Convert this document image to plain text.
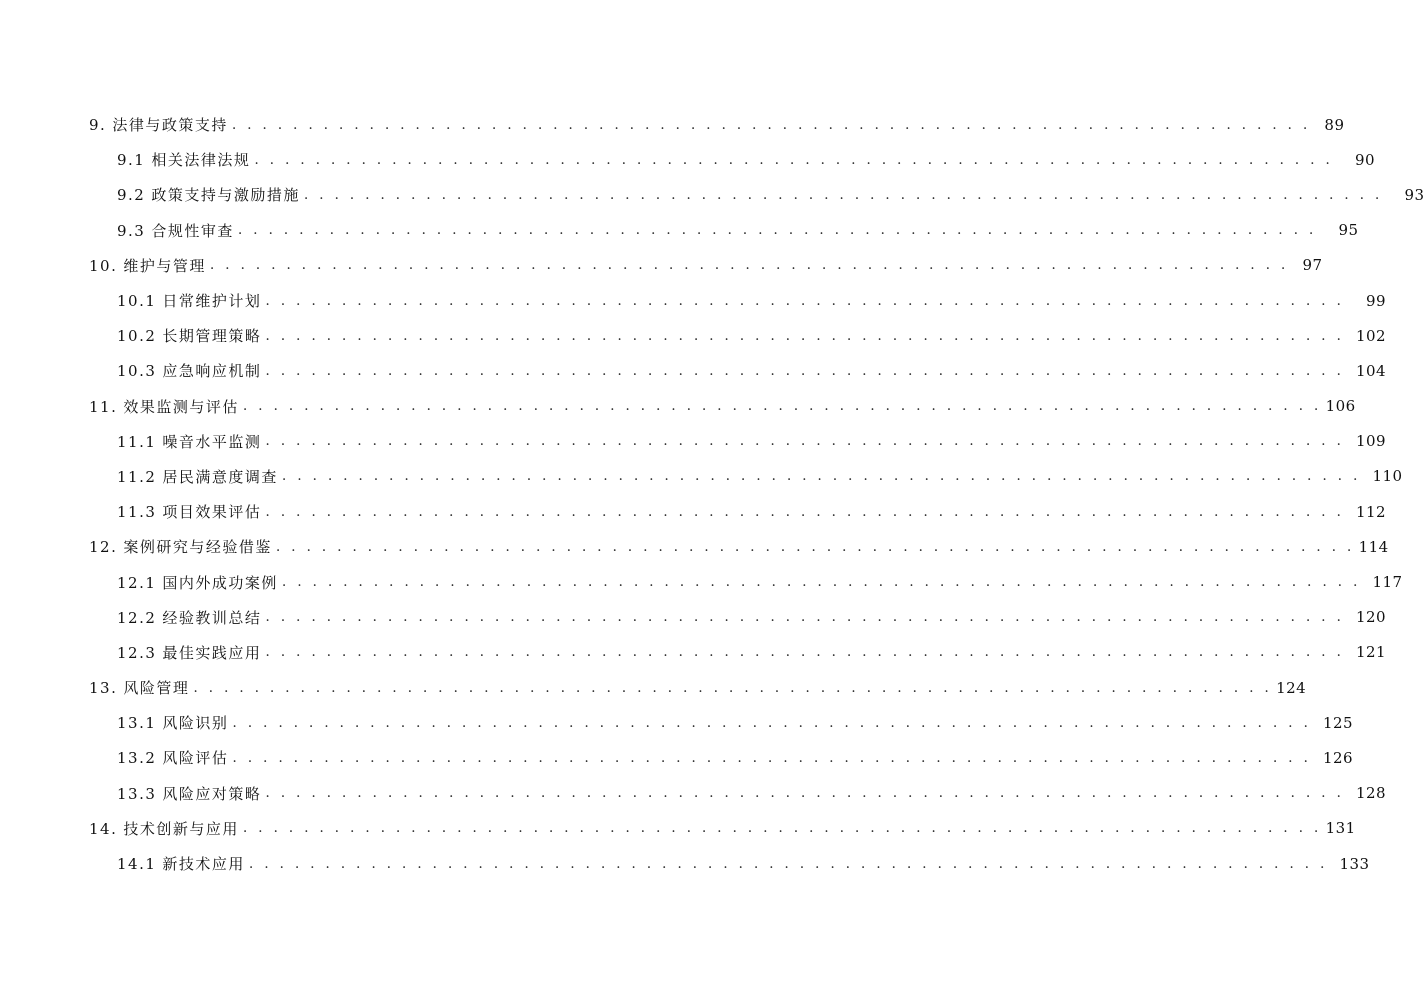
9. 法律与政策支持 . . . . . . . . . . . . . . . . . . . . . . . . . . . . . . . . . . . . . . . . . . . . . . . . . . . . . . . . . . . . . . . . . . . . . . . 89
9.1 相关法律法规 . . . . . . . . . . . . . . . . . . . . . . . . . . . . . . . . . . . . . . . . . . . . . . . . . . . . . . . . . . . . . . . . . . . . . . .	90
9.2 政策支持与激励措施 . . . . . . . . . . . . . . . . . . . . . . . . . . . . . . . . . . . . . . . . . . . . . . . . . . . . . . . . . . . . . . . . . . . . . . .	93
9.3 合规性审查 . . . . . . . . . . . . . . . . . . . . . . . . . . . . . . . . . . . . . . . . . . . . . . . . . . . . . . . . . . . . . . . . . . . . . . .	95
10. 维护与管理 . . . . . . . . . . . . . . . . . . . . . . . . . . . . . . . . . . . . . . . . . . . . . . . . . . . . . . . . . . . . . . . . . . . . . . . 97
10.1 日常维护计划 . . . . . . . . . . . . . . . . . . . . . . . . . . . . . . . . . . . . . . . . . . . . . . . . . . . . . . . . . . . . . . . . . . . . . . .	99
10.2 长期管理策略 . . . . . . . . . . . . . . . . . . . . . . . . . . . . . . . . . . . . . . . . . . . . . . . . . . . . . . . . . . . . . . . . . . . . . . . 102
10.3 应急响应机制 . . . . . . . . . . . . . . . . . . . . . . . . . . . . . . . . . . . . . . . . . . . . . . . . . . . . . . . . . . . . . . . . . . . . . . . 104
11. 效果监测与评估 . . . . . . . . . . . . . . . . . . . . . . . . . . . . . . . . . . . . . . . . . . . . . . . . . . . . . . . . . . . . . . . . . . . . . . . 106
11.1 噪音水平监测 . . . . . . . . . . . . . . . . . . . . . . . . . . . . . . . . . . . . . . . . . . . . . . . . . . . . . . . . . . . . . . . . . . . . . . . 109
11.2 居民满意度调查 . . . . . . . . . . . . . . . . . . . . . . . . . . . . . . . . . . . . . . . . . . . . . . . . . . . . . . . . . . . . . . . . . . . . . . . 110
11.3 项目效果评估 . . . . . . . . . . . . . . . . . . . . . . . . . . . . . . . . . . . . . . . . . . . . . . . . . . . . . . . . . . . . . . . . . . . . . . . 112
12. 案例研究与经验借鉴 . . . . . . . . . . . . . . . . . . . . . . . . . . . . . . . . . . . . . . . . . . . . . . . . . . . . . . . . . . . . . . . . . . . . . . . 114
12.1 国内外成功案例 . . . . . . . . . . . . . . . . . . . . . . . . . . . . . . . . . . . . . . . . . . . . . . . . . . . . . . . . . . . . . . . . . . . . . . . 117
12.2 经验教训总结 . . . . . . . . . . . . . . . . . . . . . . . . . . . . . . . . . . . . . . . . . . . . . . . . . . . . . . . . . . . . . . . . . . . . . . . 120
12.3 最佳实践应用 . . . . . . . . . . . . . . . . . . . . . . . . . . . . . . . . . . . . . . . . . . . . . . . . . . . . . . . . . . . . . . . . . . . . . . . 121
13. 风险管理 . . . . . . . . . . . . . . . . . . . . . . . . . . . . . . . . . . . . . . . . . . . . . . . . . . . . . . . . . . . . . . . . . . . . . . . 124
13.1 风险识别 . . . . . . . . . . . . . . . . . . . . . . . . . . . . . . . . . . . . . . . . . . . . . . . . . . . . . . . . . . . . . . . . . . . . . . . 125
13.2 风险评估 . . . . . . . . . . . . . . . . . . . . . . . . . . . . . . . . . . . . . . . . . . . . . . . . . . . . . . . . . . . . . . . . . . . . . . . 126
13.3 风险应对策略 . . . . . . . . . . . . . . . . . . . . . . . . . . . . . . . . . . . . . . . . . . . . . . . . . . . . . . . . . . . . . . . . . . . . . . . 128
14. 技术创新与应用 . . . . . . . . . . . . . . . . . . . . . . . . . . . . . . . . . . . . . . . . . . . . . . . . . . . . . . . . . . . . . . . . . . . . . . . 131
14.1 新技术应用 . . . . . . . . . . . . . . . . . . . . . . . . . . . . . . . . . . . . . . . . . . . . . . . . . . . . . . . . . . . . . . . . . . . . . . . 133
